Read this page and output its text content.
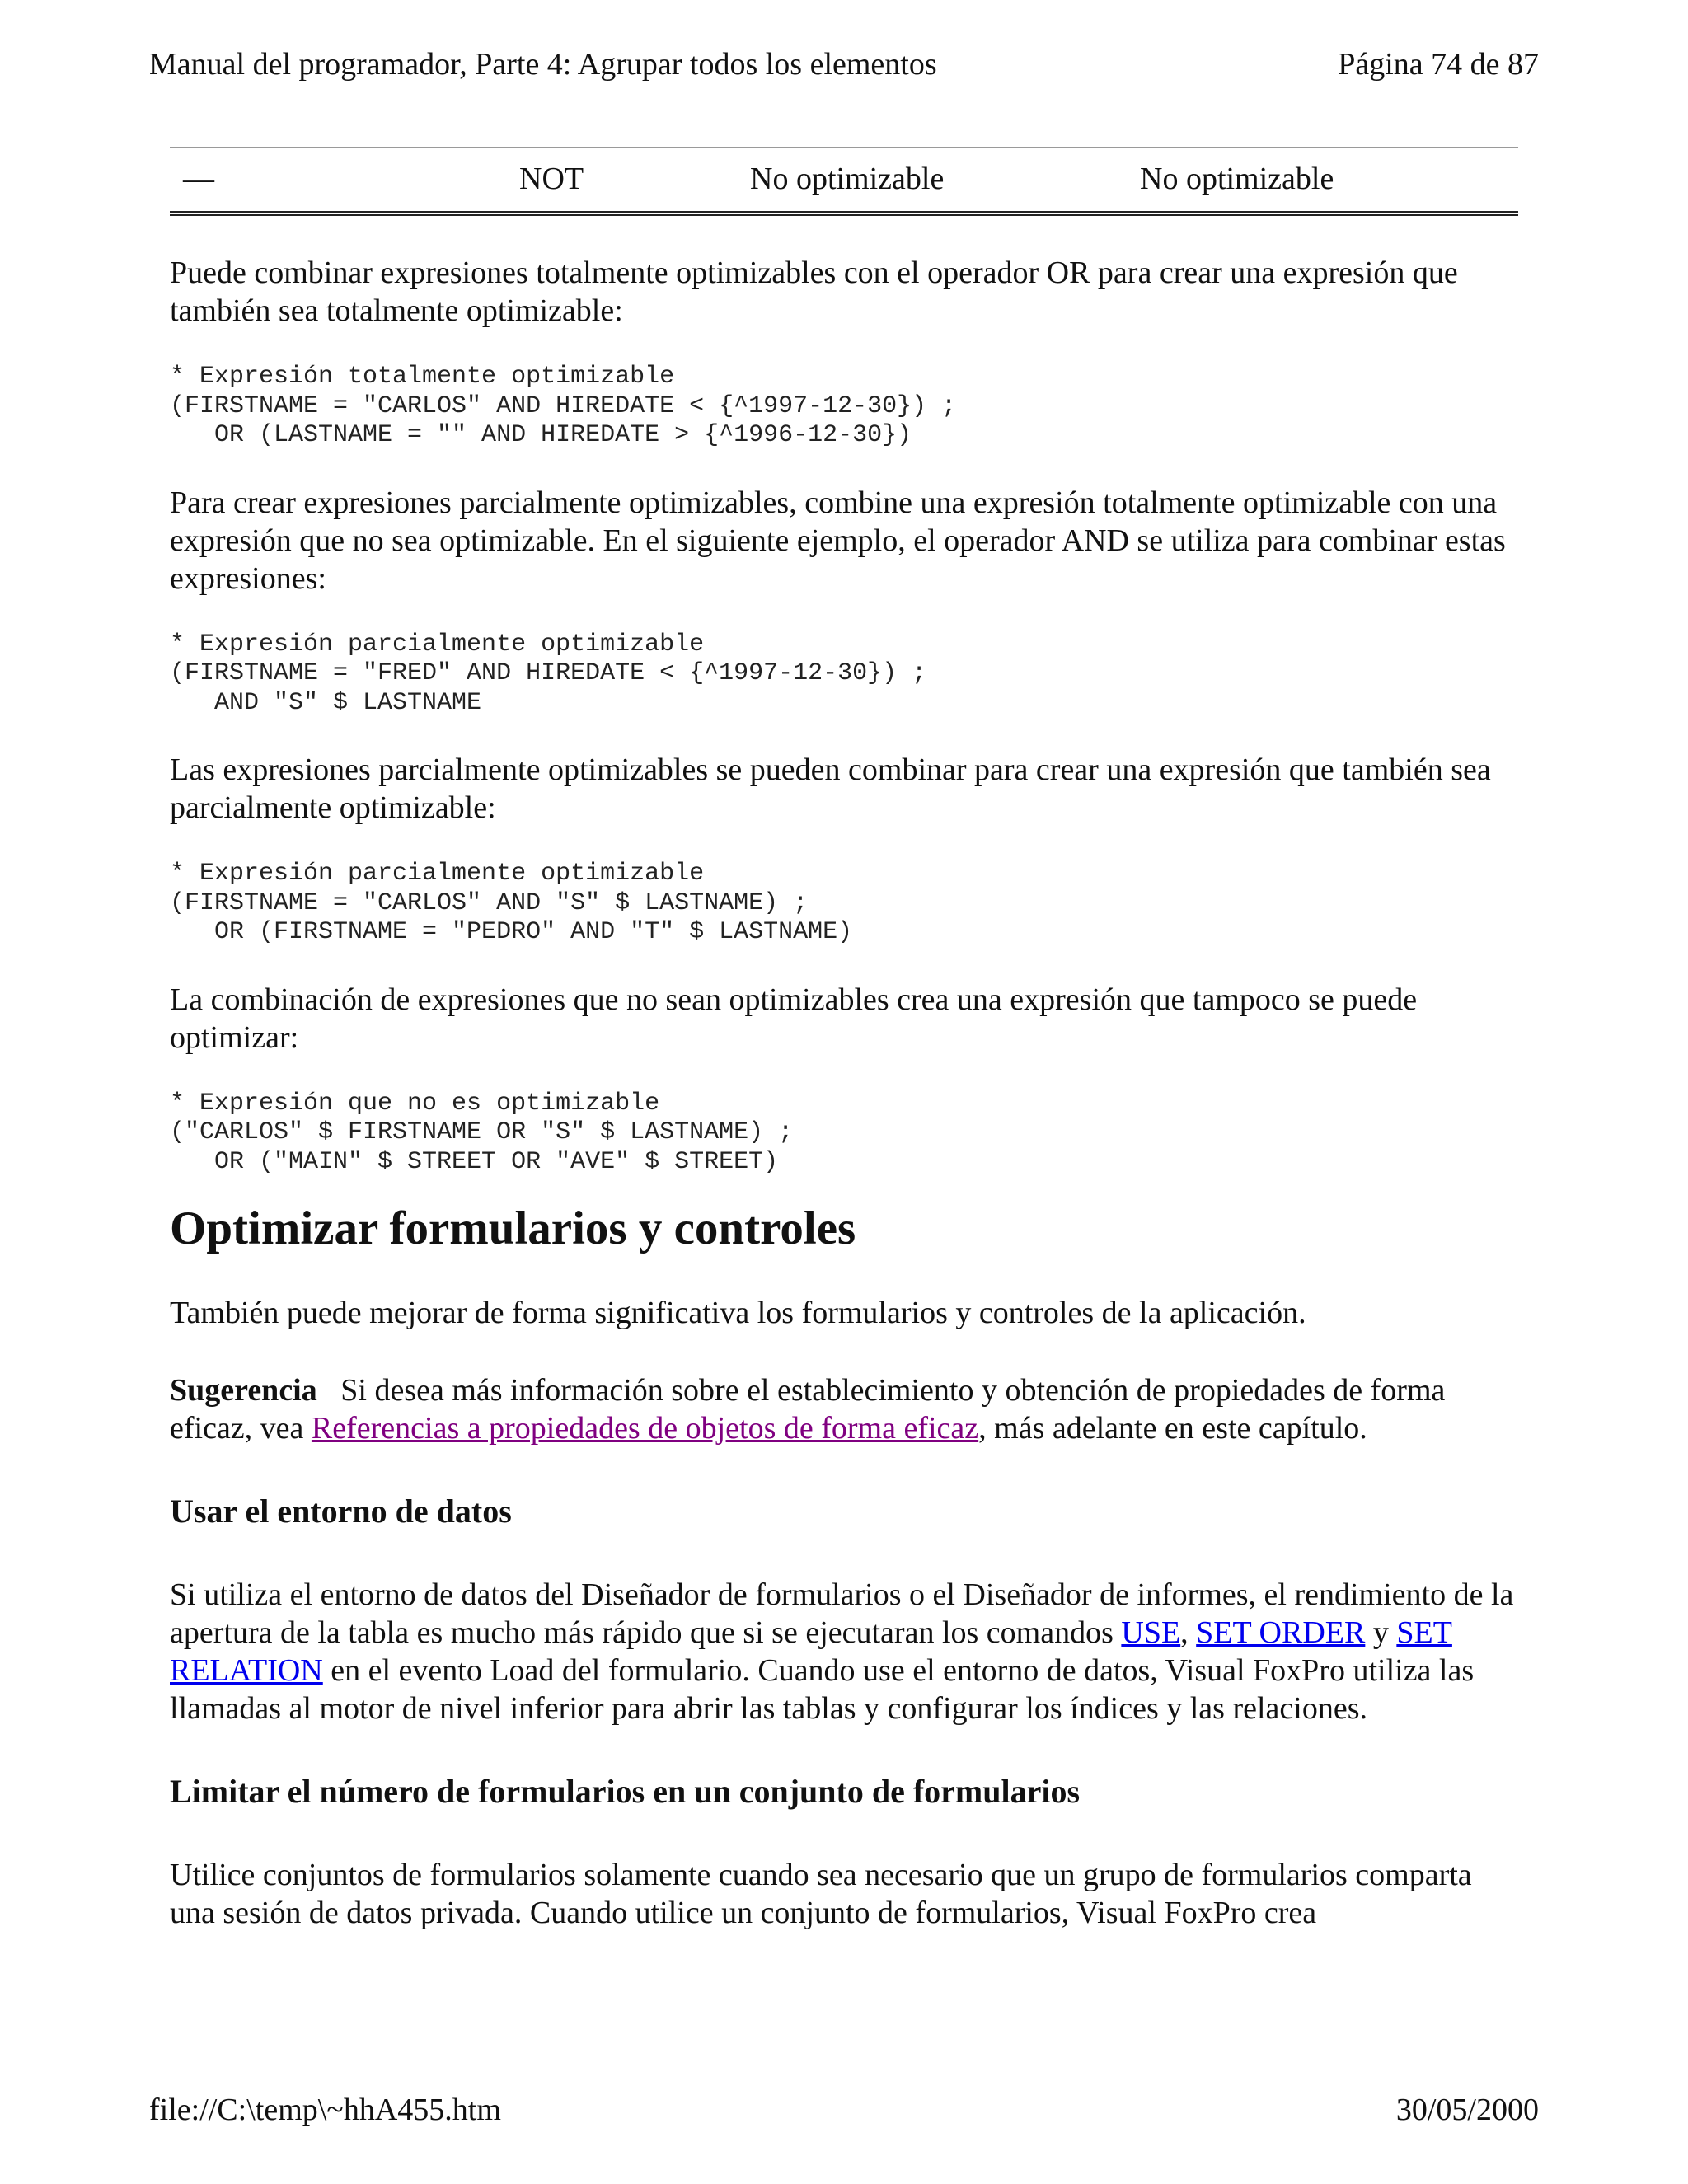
Manual del programador, Parte 4: Agrupar todos los elementos	Página 74 de 87
—	NOT	No optimizable	No optimizable

Puede combinar expresiones totalmente optimizables con el operador OR para crear una expresión que también sea totalmente optimizable:

* Expresión totalmente optimizable
(FIRSTNAME = "CARLOS" AND HIREDATE < {^1997-12-30}) ;
OR (LASTNAME = "" AND HIREDATE > {^1996-12-30})

Para crear expresiones parcialmente optimizables, combine una expresión totalmente optimizable con una expresión que no sea optimizable. En el siguiente ejemplo, el operador AND se utiliza para combinar estas expresiones:

* Expresión parcialmente optimizable
(FIRSTNAME = "FRED" AND HIREDATE < {^1997-12-30}) ;
AND "S" $ LASTNAME

Las expresiones parcialmente optimizables se pueden combinar para crear una expresión que también sea parcialmente optimizable:

* Expresión parcialmente optimizable
(FIRSTNAME = "CARLOS" AND "S" $ LASTNAME) ;
OR (FIRSTNAME = "PEDRO" AND "T" $ LASTNAME)

La combinación de expresiones que no sean optimizables crea una expresión que tampoco se puede optimizar:

* Expresión que no es optimizable
("CARLOS" $ FIRSTNAME OR "S" $ LASTNAME) ;
OR ("MAIN" $ STREET OR "AVE" $ STREET)
Optimizar formularios y controles

También puede mejorar de forma significativa los formularios y controles de la aplicación.

Sugerencia   Si desea más información sobre el establecimiento y obtención de propiedades de forma eficaz, vea Referencias a propiedades de objetos de forma eficaz, más adelante en este capítulo.

Usar el entorno de datos

Si utiliza el entorno de datos del Diseñador de formularios o el Diseñador de informes, el rendimiento de la apertura de la tabla es mucho más rápido que si se ejecutaran los comandos USE, SET ORDER y SET RELATION en el evento Load del formulario. Cuando use el entorno de datos, Visual FoxPro utiliza las llamadas al motor de nivel inferior para abrir las tablas y configurar los índices y las relaciones.

Limitar el número de formularios en un conjunto de formularios

Utilice conjuntos de formularios solamente cuando sea necesario que un grupo de formularios comparta una sesión de datos privada. Cuando utilice un conjunto de formularios, Visual FoxPro crea

file://C:\temp\~hhA455.htm	30/05/2000
